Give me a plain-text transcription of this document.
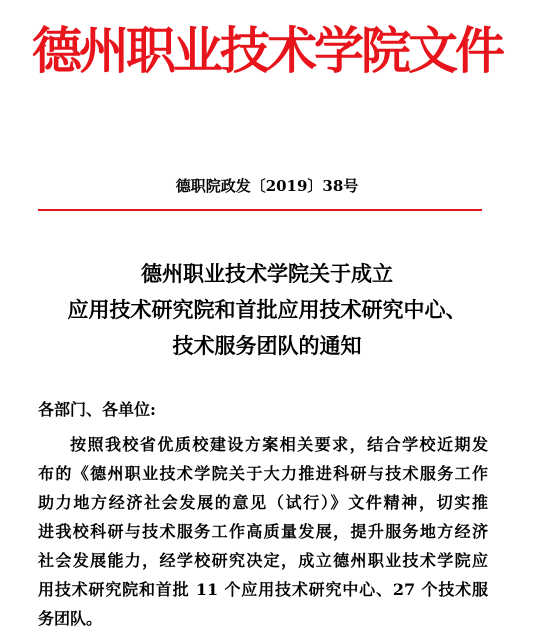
德州职业技术学院文件
德职院政发〔2019〕38号
德州职业技术学院关于成立
应用技术研究院和首批应用技术研究中心、
技术服务团队的通知
各部门、各单位:
按照我校省优质校建设方案相关要求，结合学校近期发
布的《德州职业技术学院关于大力推进科研与技术服务工作
助力地方经济社会发展的意见（试行）》文件精神，切实推
进我校科研与技术服务工作高质量发展，提升服务地方经济
社会发展能力，经学校研究决定，成立德州职业技术学院应
用技术研究院和首批 11 个应用技术研究中心、27 个技术服
务团队。
